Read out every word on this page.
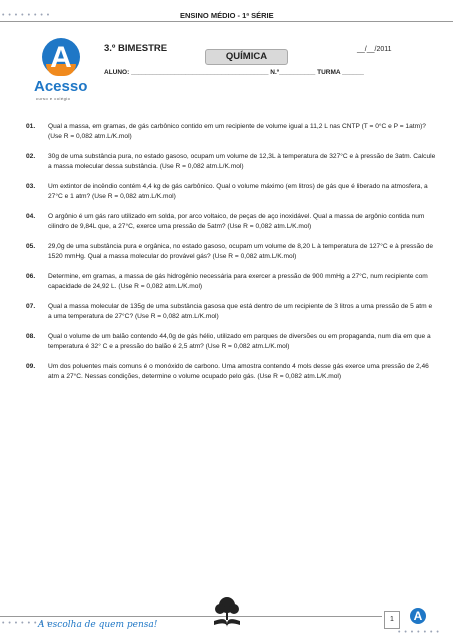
• • • • • • • •	ENSINO MÉDIO - 1ª SÉRIE
A
Acesso
curso e colégio
3.º BIMESTRE
QUÍMICA
__/__/2011
ALUNO: ______________________________________ N.º__________ TURMA ______
01. Qual a massa, em gramas, de gás carbônico contido em um recipiente de volume igual a 11,2 L nas CNTP (T = 0°C e P = 1atm)? (Use R = 0,082 atm.L/K.mol)
02. 30g de uma substância pura, no estado gasoso, ocupam um volume de 12,3L à temperatura de 327°C e à pressão de 3atm. Calcule a massa molecular dessa substância. (Use R = 0,082 atm.L/K.mol)
03. Um extintor de incêndio contém 4,4 kg de gás carbônico. Qual o volume máximo (em litros) de gás que é liberado na atmosfera, a 27°C e 1 atm? (Use R = 0,082 atm.L/K.mol)
04. O argônio é um gás raro utilizado em solda, por arco voltaico, de peças de aço inoxidável. Qual a massa de argônio contida num cilindro de 9,84L que, a 27°C, exerce uma pressão de 5atm? (Use R = 0,082 atm.L/K.mol)
05. 29,0g de uma substância pura e orgânica, no estado gasoso, ocupam um volume de 8,20 L à temperatura de 127°C e à pressão de 1520 mmHg. Qual a massa molecular do provável gás? (Use R = 0,082 atm.L/K.mol)
06. Determine, em gramas, a massa de gás hidrogênio necessária para exercer a pressão de 900 mmHg a 27°C, num recipiente com capacidade de 24,92 L. (Use R = 0,082 atm.L/K.mol)
07. Qual a massa molecular de 135g de uma substância gasosa que está dentro de um recipiente de 3 litros a uma pressão de 5 atm e a uma temperatura de 27°C? (Use R = 0,082 atm.L/K.mol)
08. Qual o volume de um balão contendo 44,0g de gás hélio, utilizado em parques de diversões ou em propaganda, num dia em que a temperatura é 32° C e a pressão do balão é 2,5 atm? (Use R = 0,082 atm.L/K.mol)
09. Um dos poluentes mais comuns é o monóxido de carbono. Uma amostra contendo 4 mols desse gás exerce uma pressão de 2,46 atm a 27°C. Nessas condições, determine o volume ocupado pelo gás. (Use R = 0,082 atm.L/K.mol)
• • • • • • • •
A escolha de quem pensa!
1	A
• • • • • • •
